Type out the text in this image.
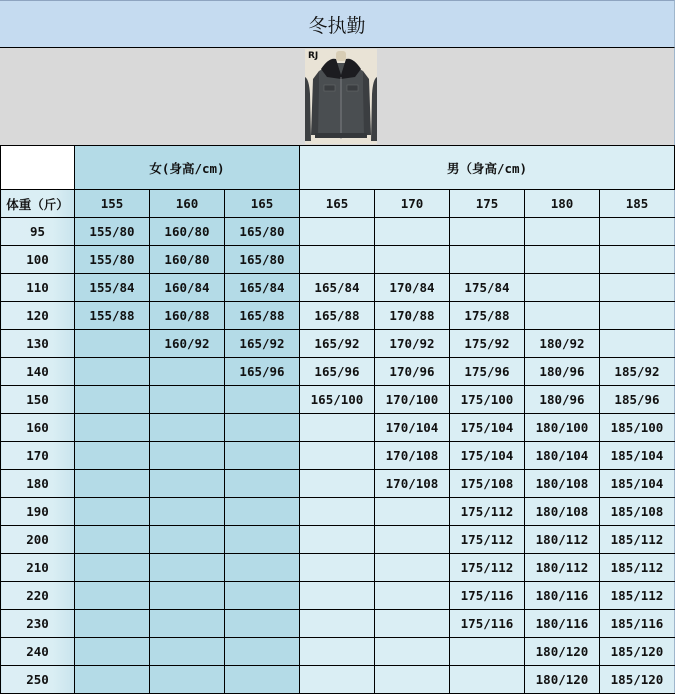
冬执勤
RJ
	女(身高/cm)			男（身高/cm)				
体重（斤）	155	160	165	165	170	175	180	185
95	155/80	160/80	165/80					
100	155/80	160/80	165/80					
110	155/84	160/84	165/84	165/84	170/84	175/84		
120	155/88	160/88	165/88	165/88	170/88	175/88		
130		160/92	165/92	165/92	170/92	175/92	180/92	
140			165/96	165/96	170/96	175/96	180/96	185/92
150				165/100	170/100	175/100	180/96	185/96
160					170/104	175/104	180/100	185/100
170					170/108	175/104	180/104	185/104
180					170/108	175/108	180/108	185/104
190						175/112	180/108	185/108
200						175/112	180/112	185/112
210						175/112	180/112	185/112
220						175/116	180/116	185/112
230						175/116	180/116	185/116
240							180/120	185/120
250							180/120	185/120
